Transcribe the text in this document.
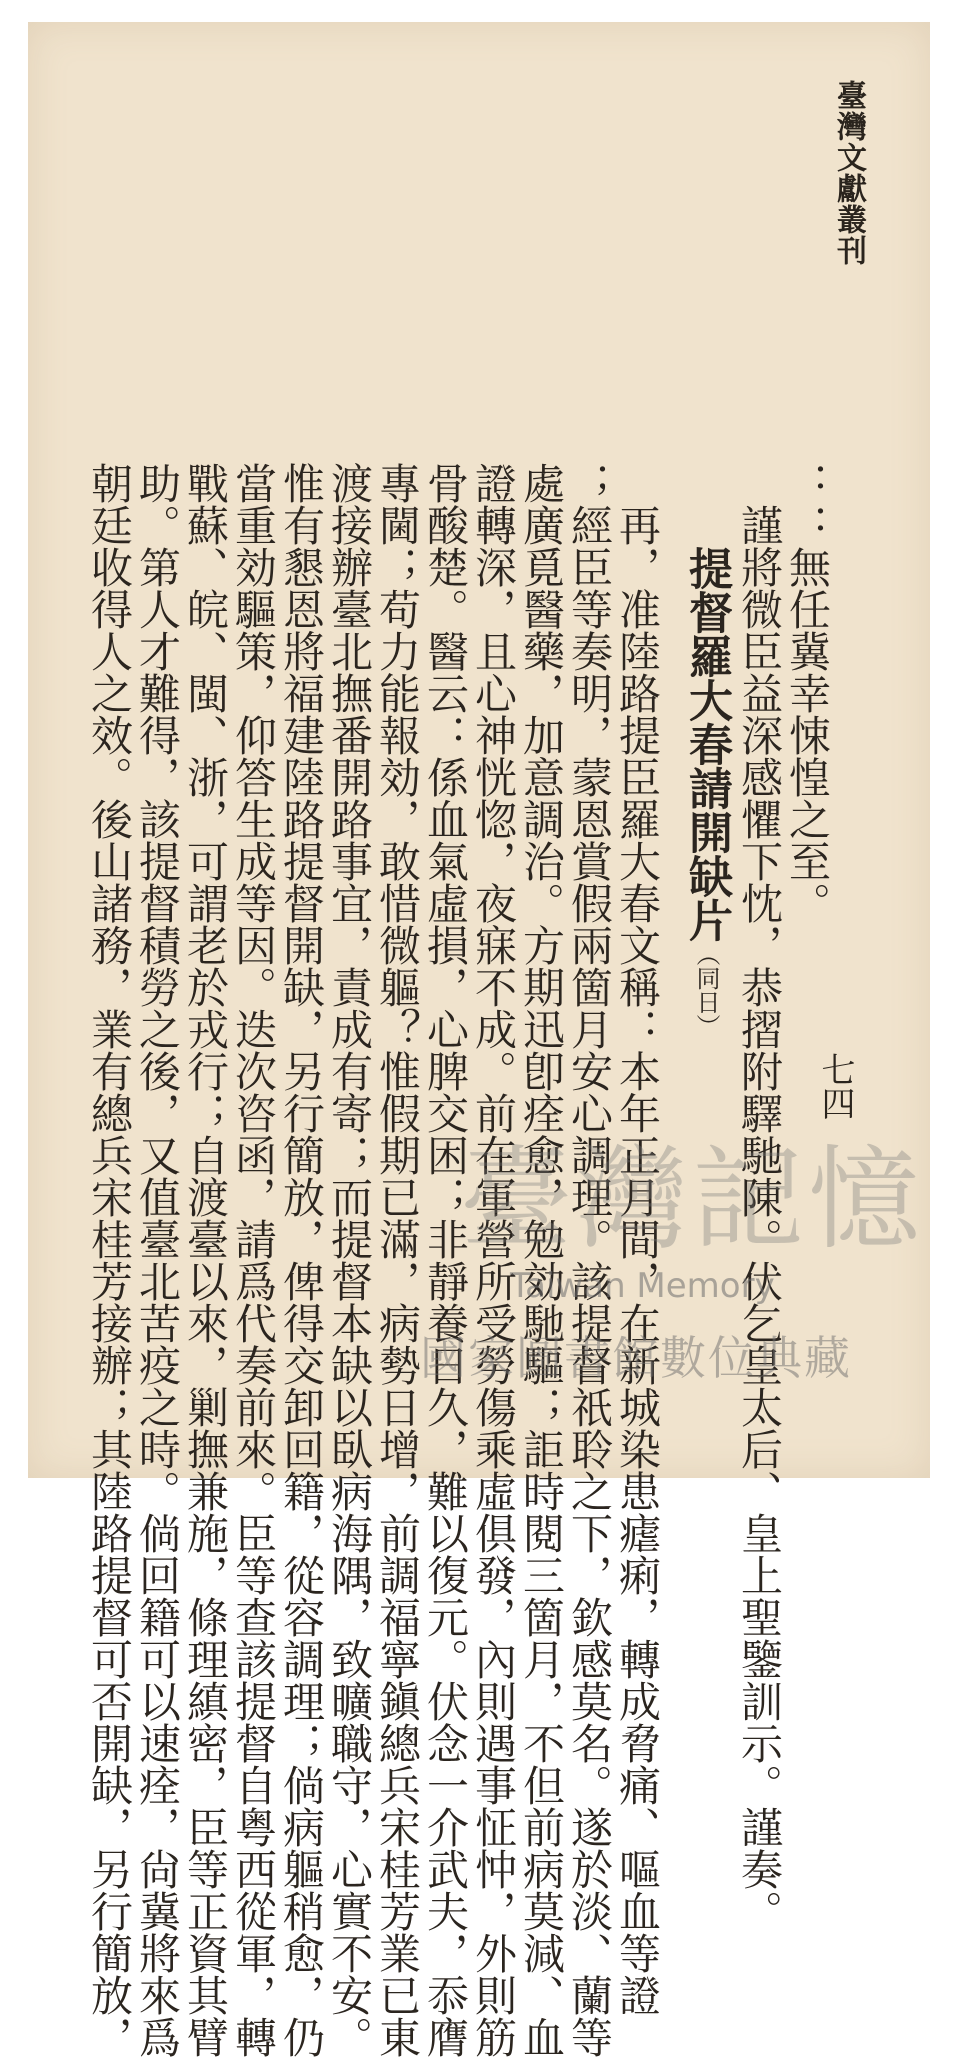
臺灣文獻叢刊
七四
：：無任冀幸悚惶之至。
謹將微臣益深感懼下忱，恭摺附驛馳陳。伏乞皇太后、皇上聖鑒訓示。謹奏。
提督羅大春請開缺片（同日）
再，准陸路提臣羅大春文稱：本年正月間，在新城染患瘧痢，轉成脅痛、嘔血等證
；經臣等奏明，蒙恩賞假兩箇月安心調理。該提督祇聆之下，欽感莫名。遂於淡、蘭等
處廣覓醫藥，加意調治。方期迅卽痊愈，勉効馳驅；詎時閱三箇月，不但前病莫減、血
證轉深，且心神恍惚，夜寐不成。前在軍營所受勞傷乘虛俱發，內則遇事怔忡，外則筋
骨酸楚。醫云：係血氣虛損，心脾交困；非靜養日久，難以復元。伏念一介武夫，忝膺
專閫；苟力能報効，敢惜微軀？惟假期已滿，病勢日增，前調福寧鎭總兵宋桂芳業已東
渡接辦臺北撫番開路事宜，責成有寄；而提督本缺以臥病海隅，致曠職守，心實不安。
惟有懇恩將福建陸路提督開缺，另行簡放，俾得交卸回籍，從容調理；倘病軀稍愈，仍
當重効驅策，仰答生成等因。迭次咨函，請爲代奏前來。臣等查該提督自粤西從軍，轉
戰蘇、皖、閩、浙，可謂老於戎行；自渡臺以來，剿撫兼施，條理縝密，臣等正資其臂
助。第人才難得，該提督積勞之後，又值臺北苦疫之時。倘回籍可以速痊，尙冀將來爲
朝廷收得人之效。後山諸務，業有總兵宋桂芳接辦；其陸路提督可否開缺，另行簡放，	臺灣記憶
Taiwan Memory
國家圖書館數位典藏
